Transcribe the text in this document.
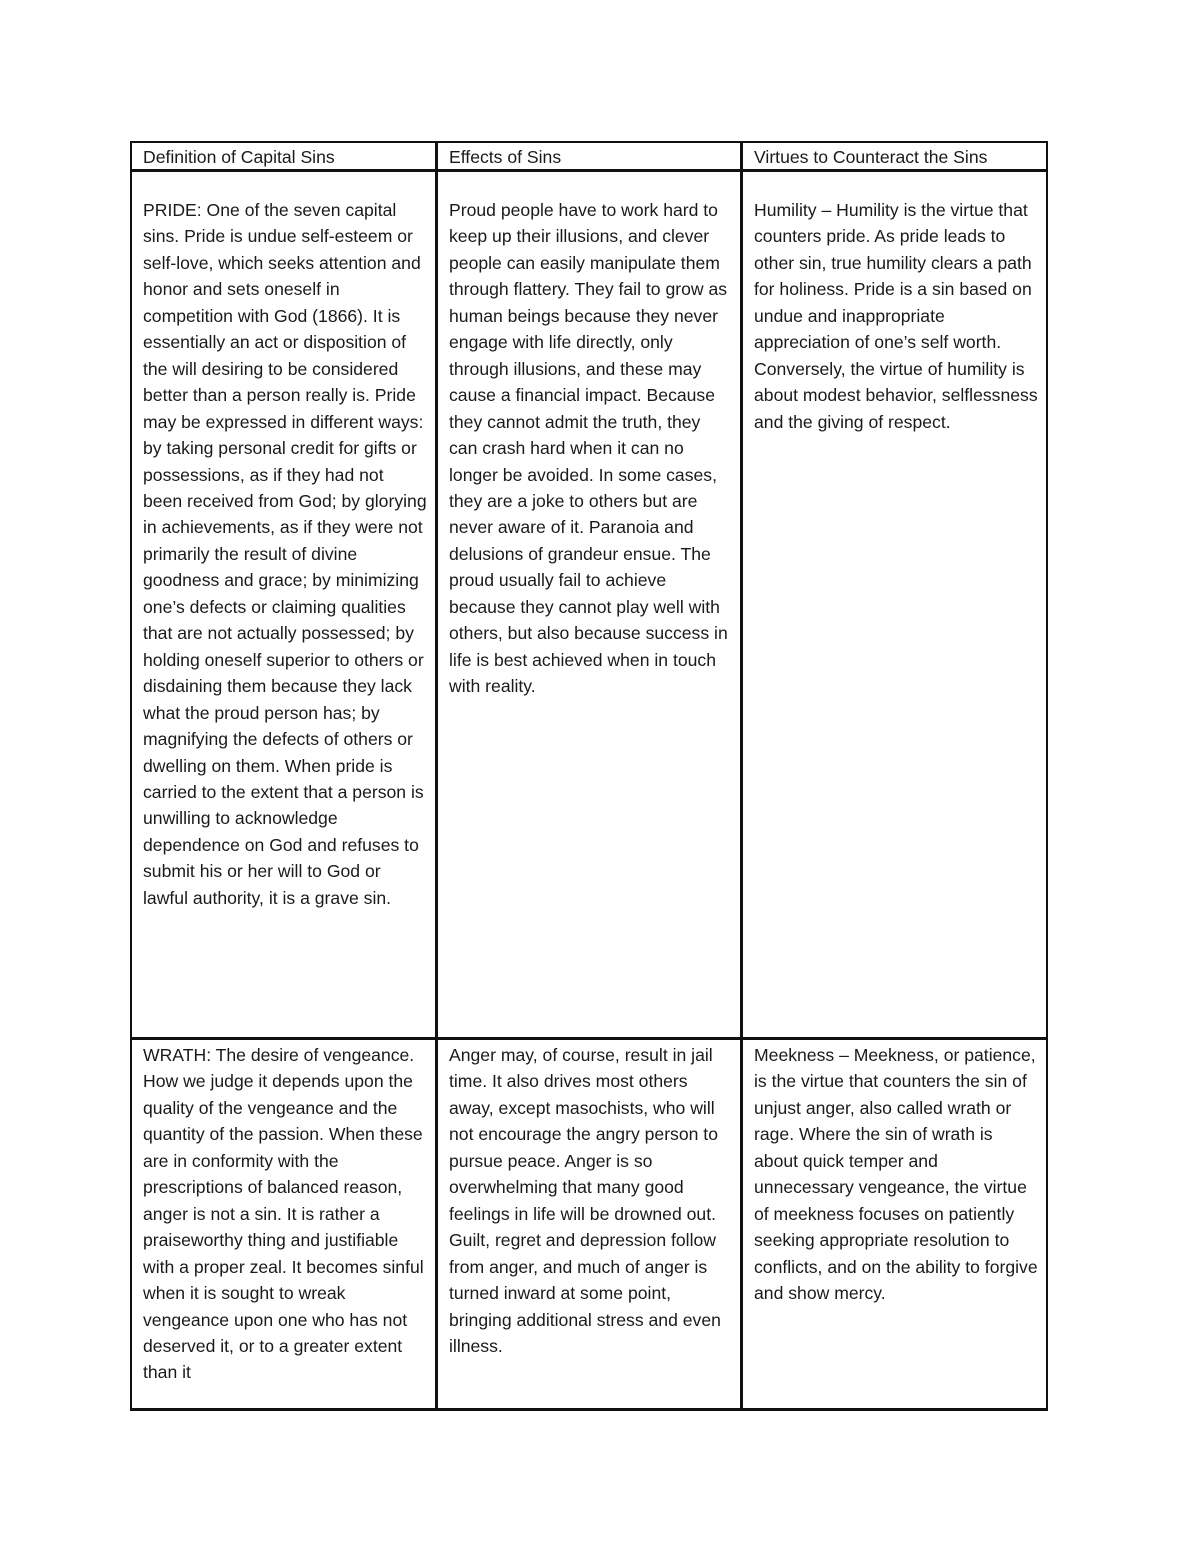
Definition of Capital Sins	Effects of Sins	Virtues to Counteract the Sins
PRIDE: One of the seven capital sins. Pride is undue self-esteem or self-love, which seeks attention and honor and sets oneself in competition with God (1866). It is essentially an act or disposition of the will desiring to be considered better than a person really is. Pride may be expressed in different ways: by taking personal credit for gifts or possessions, as if they had not been received from God; by glorying in achievements, as if they were not primarily the result of divine goodness and grace; by minimizing one’s defects or claiming qualities that are not actually possessed; by holding oneself superior to others or disdaining them because they lack what the proud person has; by magnifying the defects of others or dwelling on them. When pride is carried to the extent that a person is unwilling to acknowledge dependence on God and refuses to submit his or her will to God or lawful authority, it is a grave sin.
Proud people have to work hard to keep up their illusions, and clever people can easily manipulate them through flattery. They fail to grow as human beings because they never engage with life directly, only through illusions, and these may cause a financial impact. Because they cannot admit the truth, they can crash hard when it can no longer be avoided. In some cases, they are a joke to others but are never aware of it. Paranoia and delusions of grandeur ensue. The proud usually fail to achieve because they cannot play well with others, but also because success in life is best achieved when in touch with reality.
Humility – Humility is the virtue that counters pride. As pride leads to other sin, true humility clears a path for holiness. Pride is a sin based on undue and inappropriate appreciation of one’s self worth. Conversely, the virtue of humility is about modest behavior, selflessness and the giving of respect.
WRATH: The desire of vengeance. How we judge it depends upon the quality of the vengeance and the quantity of the passion. When these are in conformity with the prescriptions of balanced reason, anger is not a sin. It is rather a praiseworthy thing and justifiable with a proper zeal. It becomes sinful when it is sought to wreak vengeance upon one who has not deserved it, or to a greater extent than it
Anger may, of course, result in jail time. It also drives most others away, except masochists, who will not encourage the angry person to pursue peace. Anger is so overwhelming that many good feelings in life will be drowned out. Guilt, regret and depression follow from anger, and much of anger is turned inward at some point, bringing additional stress and even illness.
Meekness – Meekness, or patience, is the virtue that counters the sin of unjust anger, also called wrath or rage. Where the sin of wrath is about quick temper and unnecessary vengeance, the virtue of meekness focuses on patiently seeking appropriate resolution to conflicts, and on the ability to forgive and show mercy.
